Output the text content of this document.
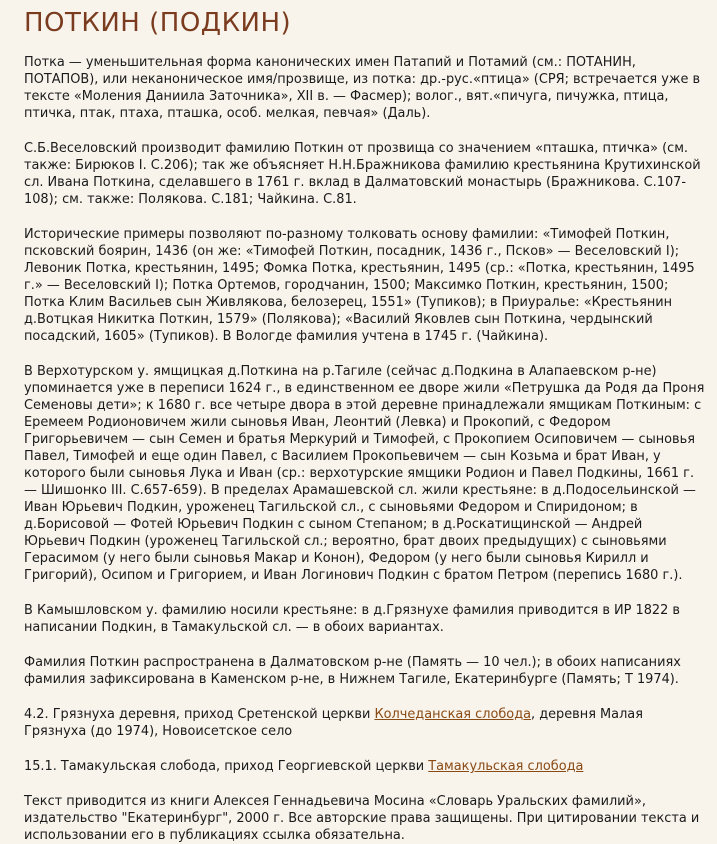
ПОТКИН (ПОДКИН)

Потка — уменьшительная форма канонических имен Патапий и Потамий (см.: ПОТАНИН, ПОТАПОВ), или неканоническое имя/прозвище, из потка: др.-рус.«птица» (СРЯ; встречается уже в тексте «Моления Даниила Заточника», XII в. — Фасмер); волог., вят.«пичуга, пичужка, птица, птичка, птак, птаха, пташка, особ. мелкая, певчая» (Даль).

С.Б.Веселовский производит фамилию Поткин от прозвища со значением «пташка, птичка» (см. также: Бирюков I. С.206); так же объясняет Н.Н.Бражникова фамилию крестьянина Крутихинской сл. Ивана Поткина, сделавшего в 1761 г. вклад в Далматовский монастырь (Бражникова. С.107-108); см. также: Полякова. С.181; Чайкина. С.81.

Исторические примеры позволяют по-разному толковать основу фамилии: «Тимофей Поткин, псковский боярин, 1436 (он же: «Тимофей Поткин, посадник, 1436 г., Псков» — Веселовский I); Левоник Потка, крестьянин, 1495; Фомка Потка, крестьянин, 1495 (ср.: «Потка, крестьянин, 1495 г.» — Веселовский I); Потка Ортемов, городчанин, 1500; Максимко Поткин, крестьянин, 1500; Потка Клим Васильев сын Живлякова, белозерец, 1551» (Тупиков); в Приуралье: «Крестьянин д.Вотцкая Никитка Поткин, 1579» (Полякова); «Василий Яковлев сын Поткина, чердынский посадский, 1605» (Тупиков). В Вологде фамилия учтена в 1745 г. (Чайкина).

В Верхотурском у. ямщицкая д.Поткина на р.Тагиле (сейчас д.Подкина в Алапаевском р-не) упоминается уже в переписи 1624 г., в единственном ее дворе жили «Петрушка да Родя да Проня Семеновы дети»; к 1680 г. все четыре двора в этой деревне принадлежали ямщикам Поткиным: с Еремеем Родионовичем жили сыновья Иван, Леонтий (Левка) и Прокопий, с Федором Григорьевичем — сын Семен и братья Меркурий и Тимофей, с Прокопием Осиповичем — сыновья Павел, Тимофей и еще один Павел, с Василием Прокопьевичем — сын Козьма и брат Иван, у которого были сыновья Лука и Иван (ср.: верхотурские ямщики Родион и Павел Подкины, 1661 г. — Шишонко III. С.657-659). В пределах Арамашевской сл. жили крестьяне: в д.Подосельинской — Иван Юрьевич Подкин, уроженец Тагильской сл., с сыновьями Федором и Спиридоном; в д.Борисовой — Фотей Юрьевич Подкин с сыном Степаном; в д.Роскатищинской — Андрей Юрьевич Подкин (уроженец Тагильской сл.; вероятно, брат двоих предыдущих) с сыновьями Герасимом (у него были сыновья Макар и Конон), Федором (у него были сыновья Кирилл и Григорий), Осипом и Григорием, и Иван Логинович Подкин с братом Петром (перепись 1680 г.).

В Камышловском у. фамилию носили крестьяне: в д.Грязнухе фамилия приводится в ИР 1822 в написании Подкин, в Тамакульской сл. — в обоих вариантах.

Фамилия Поткин распространена в Далматовском р-не (Память — 10 чел.); в обоих написаниях фамилия зафиксирована в Каменском р-не, в Нижнем Тагиле, Екатеринбурге (Память; Т 1974).

4.2. Грязнуха деревня, приход Сретенской церкви Колчеданская слобода, деревня Малая Грязнуха (до 1974), Новоисетское село

15.1. Тамакульская слобода, приход Георгиевской церкви Тамакульская слобода

Текст приводится из книги Алексея Геннадьевича Мосина «Словарь Уральских фамилий», издательство "Екатеринбург", 2000 г. Все авторские права защищены. При цитировании текста и использовании его в публикациях ссылка обязательна.
